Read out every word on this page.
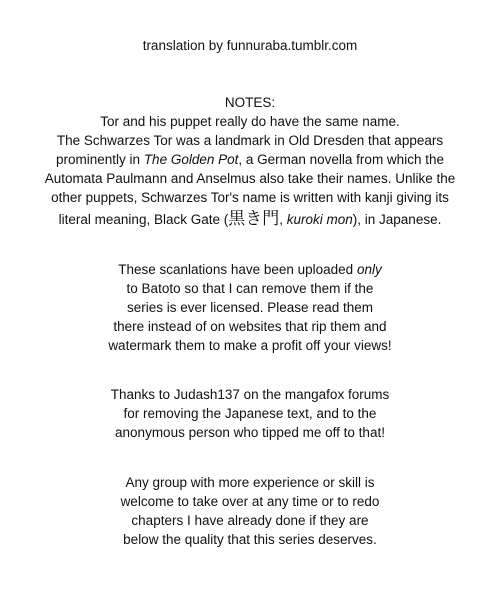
translation by funnuraba.tumblr.com

NOTES:

Tor and his puppet really do have the same name.

The Schwarzes Tor was a landmark in Old Dresden that appears

prominently in The Golden Pot, a German novella from which the

Automata Paulmann and Anselmus also take their names. Unlike the

other puppets, Schwarzes Tor's name is written with kanji giving its

literal meaning, Black Gate (黒き門, kuroki mon), in Japanese.

These scanlations have been uploaded only

to Batoto so that I can remove them if the

series is ever licensed. Please read them

there instead of on websites that rip them and

watermark them to make a profit off your views!

Thanks to Judash137 on the mangafox forums

for removing the Japanese text, and to the

anonymous person who tipped me off to that!

Any group with more experience or skill is

welcome to take over at any time or to redo

chapters I have already done if they are

below the quality that this series deserves.
